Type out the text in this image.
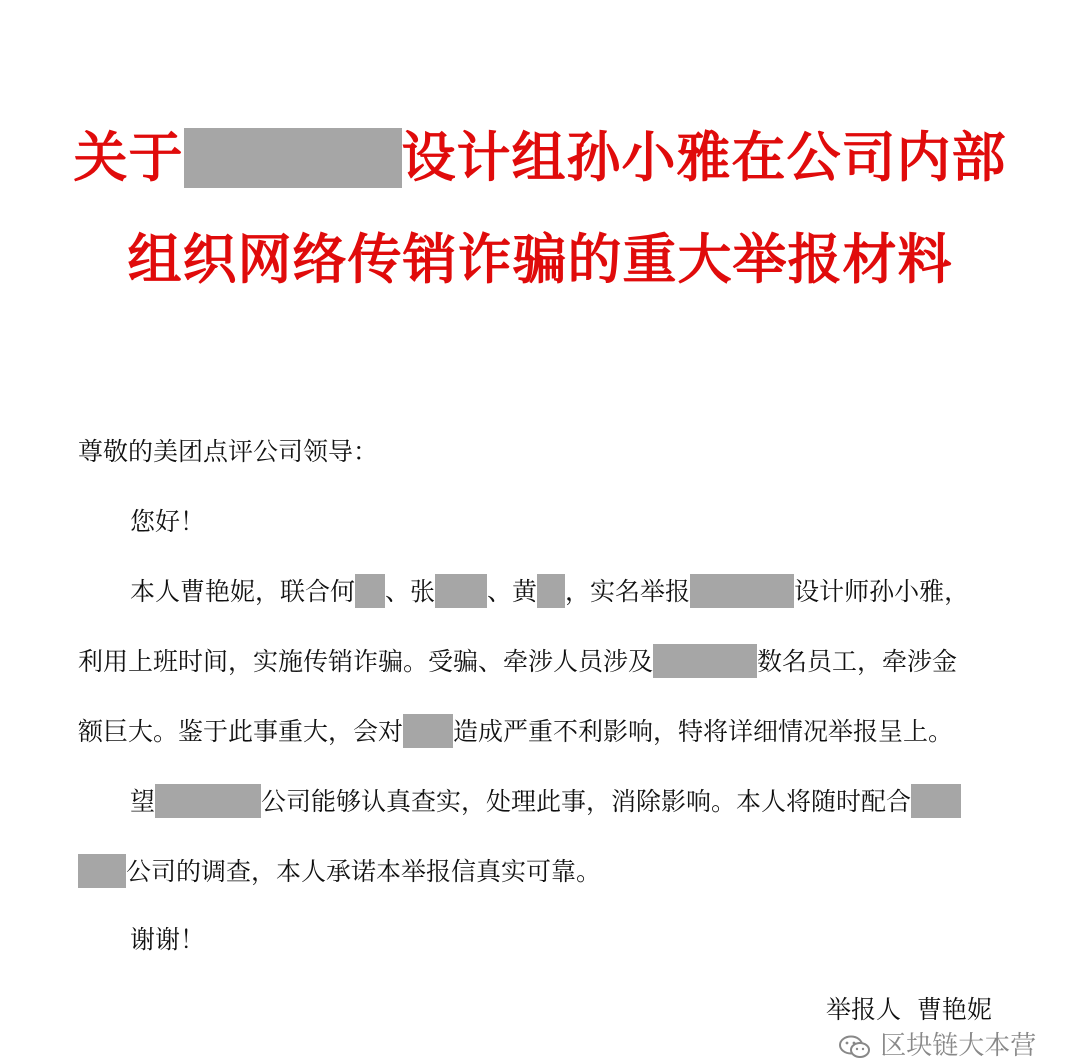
关于	设计组孙小雅在公司内部
组织网络传销诈骗的重大举报材料
尊敬的美团点评公司领导：
您好！
本人曹艳妮，联合何 、张 、黄 ，实名举报	设计师孙小雅，
利用上班时间，实施传销诈骗。受骗、牵涉人员涉及	数名员工，牵涉金
额巨大。鉴于此事重大，会对 造成严重不利影响，特将详细情况举报呈上。
望	公司能够认真查实，处理此事，消除影响。本人将随时配合
公司的调查，本人承诺本举报信真实可靠。
谢谢！
举报人  曹艳妮
区块链大本营
